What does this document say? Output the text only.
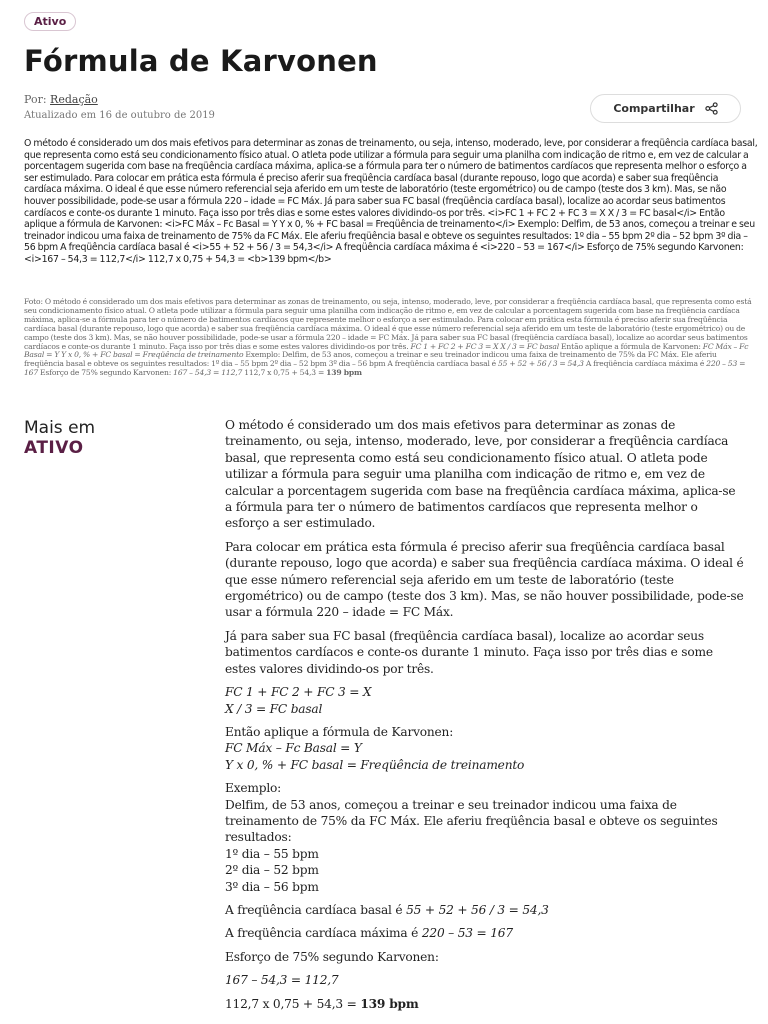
Ativo
Fórmula de Karvonen
Por: Redação
Atualizado em 16 de outubro de 2019
Compartilhar
O método é considerado um dos mais efetivos para determinar as zonas de treinamento, ou seja, intenso, moderado, leve, por considerar a freqüência cardíaca basal, que representa como está seu condicionamento físico atual. O atleta pode utilizar a fórmula para seguir uma planilha com indicação de ritmo e, em vez de calcular a porcentagem sugerida com base na freqüência cardíaca máxima, aplica-se a fórmula para ter o número de batimentos cardíacos que representa melhor o esforço a ser estimulado. Para colocar em prática esta fórmula é preciso aferir sua freqüência cardíaca basal (durante repouso, logo que acorda) e saber sua freqüência cardíaca máxima. O ideal é que esse número referencial seja aferido em um teste de laboratório (teste ergométrico) ou de campo (teste dos 3 km). Mas, se não houver possibilidade, pode-se usar a fórmula 220 – idade = FC Máx. Já para saber sua FC basal (freqüência cardíaca basal), localize ao acordar seus batimentos cardíacos e conte-os durante 1 minuto. Faça isso por três dias e some estes valores dividindo-os por três. <i>FC 1 + FC 2 + FC 3 = X X / 3 = FC basal</i> Então aplique a fórmula de Karvonen: <i>FC Máx – Fc Basal = Y Y x 0, % + FC basal = Freqüência de treinamento</i> Exemplo: Delfim, de 53 anos, começou a treinar e seu treinador indicou uma faixa de treinamento de 75% da FC Máx. Ele aferiu freqüência basal e obteve os seguintes resultados: 1º dia – 55 bpm 2º dia – 52 bpm 3º dia – 56 bpm A freqüência cardíaca basal é <i>55 + 52 + 56 / 3 = 54,3</i> A freqüência cardíaca máxima é <i>220 – 53 = 167</i> Esforço de 75% segundo Karvonen: <i>167 – 54,3 = 112,7</i> 112,7 x 0,75 + 54,3 = <b>139 bpm</b>
Foto: O método é considerado um dos mais efetivos para determinar as zonas de treinamento, ou seja, intenso, moderado, leve, por considerar a freqüência cardíaca basal, que representa como está seu condicionamento físico atual. O atleta pode utilizar a fórmula para seguir uma planilha com indicação de ritmo e, em vez de calcular a porcentagem sugerida com base na freqüência cardíaca máxima, aplica-se a fórmula para ter o número de batimentos cardíacos que represente melhor o esforço a ser estimulado. Para colocar em prática esta fórmula é preciso aferir sua freqüência cardíaca basal (durante repouso, logo que acorda) e saber sua freqüência cardíaca máxima. O ideal é que esse número referencial seja aferido em um teste de laboratório (teste ergométrico) ou de campo (teste dos 3 km). Mas, se não houver possibilidade, pode-se usar a fórmula 220 – idade = FC Máx. Já para saber sua FC basal (freqüência cardíaca basal), localize ao acordar seus batimentos cardíacos e conte-os durante 1 minuto. Faça isso por três dias e some estes valores dividindo-os por três. FC 1 + FC 2 + FC 3 = X X / 3 = FC basal Então aplique a fórmula de Karvonen: FC Máx – Fc Basal = Y Y x 0, % + FC basal = Freqüência de treinamento Exemplo: Delfim, de 53 anos, começou a treinar e seu treinador indicou uma faixa de treinamento de 75% da FC Máx. Ele aferiu freqüência basal e obteve os seguintes resultados: 1º dia – 55 bpm 2º dia – 52 bpm 3º dia – 56 bpm A freqüência cardíaca basal é 55 + 52 + 56 / 3 = 54,3 A freqüência cardíaca máxima é 220 – 53 = 167 Esforço de 75% segundo Karvonen: 167 – 54,3 = 112,7 112,7 x 0,75 + 54,3 = 139 bpm
Mais em
ATIVO

O método é considerado um dos mais efetivos para determinar as zonas de treinamento, ou seja, intenso, moderado, leve, por considerar a freqüência cardíaca basal, que representa como está seu condicionamento físico atual. O atleta pode utilizar a fórmula para seguir uma planilha com indicação de ritmo e, em vez de calcular a porcentagem sugerida com base na freqüência cardíaca máxima, aplica-se a fórmula para ter o número de batimentos cardíacos que representa melhor o esforço a ser estimulado.

Para colocar em prática esta fórmula é preciso aferir sua freqüência cardíaca basal (durante repouso, logo que acorda) e saber sua freqüência cardíaca máxima. O ideal é que esse número referencial seja aferido em um teste de laboratório (teste ergométrico) ou de campo (teste dos 3 km). Mas, se não houver possibilidade, pode-se usar a fórmula 220 – idade = FC Máx.

Já para saber sua FC basal (freqüência cardíaca basal), localize ao acordar seus batimentos cardíacos e conte-os durante 1 minuto. Faça isso por três dias e some estes valores dividindo-os por três.

FC 1 + FC 2 + FC 3 = X
X / 3 = FC basal
Então aplique a fórmula de Karvonen:
FC Máx – Fc Basal = Y
Y x 0, % + FC basal = Freqüência de treinamento
Exemplo:
Delfim, de 53 anos, começou a treinar e seu treinador indicou uma faixa de treinamento de 75% da FC Máx. Ele aferiu freqüência basal e obteve os seguintes resultados:
1º dia – 55 bpm
2º dia – 52 bpm
3º dia – 56 bpm

A freqüência cardíaca basal é 55 + 52 + 56 / 3 = 54,3

A freqüência cardíaca máxima é 220 – 53 = 167

Esforço de 75% segundo Karvonen:

167 – 54,3 = 112,7

112,7 x 0,75 + 54,3 = 139 bpm
